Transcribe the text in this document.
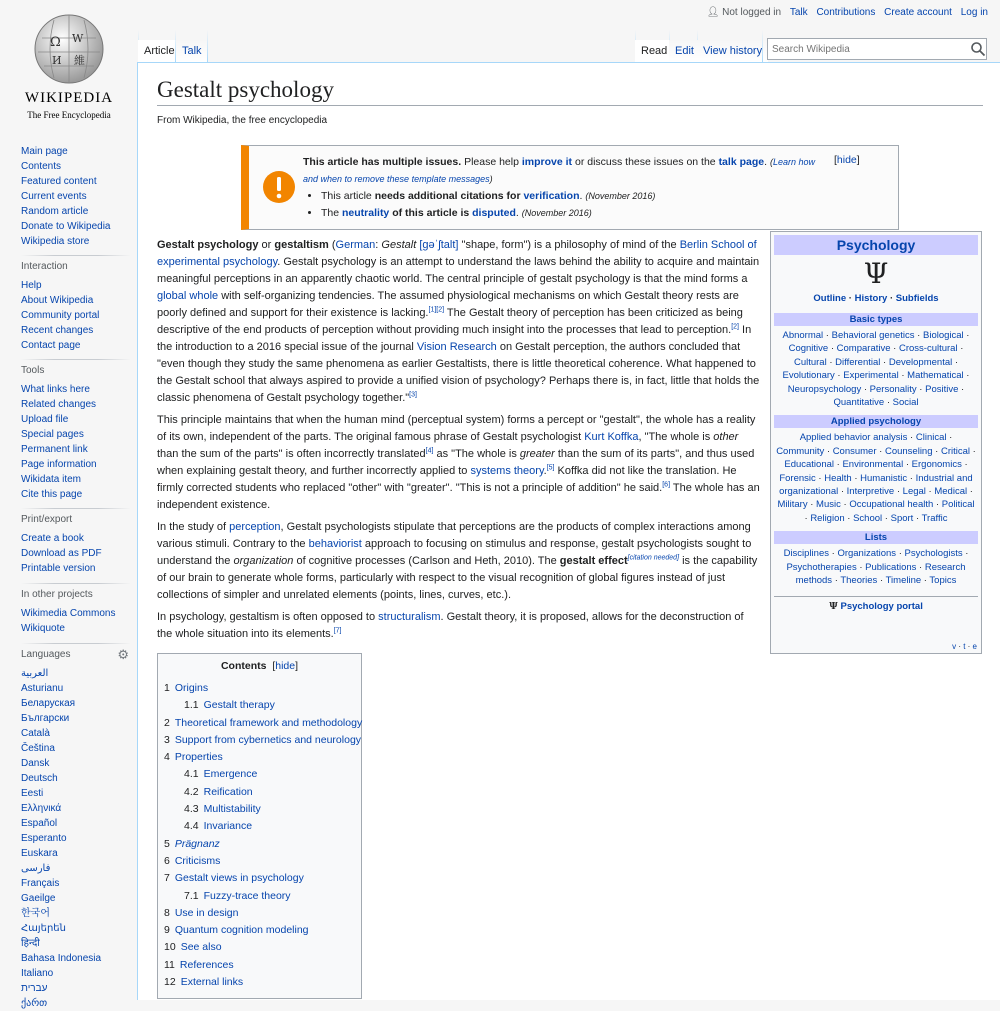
Ω W
И 維
WIKIPEDIA
The Free Encyclopedia
Main page
Contents
Featured content
Current events
Random article
Donate to Wikipedia
Wikipedia store
Interaction
Help
About Wikipedia
Community portal
Recent changes
Contact page
Tools
What links here
Related changes
Upload file
Special pages
Permanent link
Page information
Wikidata item
Cite this page
Print/export
Create a book
Download as PDF
Printable version
In other projects
Wikimedia Commons
Wikiquote
Languages	⚙
العربية
Asturianu
Беларуская
Български
Català
Čeština
Dansk
Deutsch
Eesti
Ελληνικά
Español
Esperanto
Euskara
فارسی
Français
Gaeilge
한국어
Հայերեն
हिन्दी
Bahasa Indonesia
Italiano
עברית
ქართ
👤︎ Not logged in Talk Contributions Create account Log in
Article Talk	Read Edit View history
Search Wikipedia
Gestalt psychology
From Wikipedia, the free encyclopedia
This article has multiple issues. Please help improve it or discuss these issues on the talk page. (Learn how and when to remove these template messages)
• This article needs additional citations for verification. (November 2016)
• The neutrality of this article is disputed. (November 2016)
[hide]

Gestalt psychology or gestaltism (German: Gestalt [ɡəˈʃtalt] "shape, form") is a philosophy of mind of the Berlin School of experimental psychology. Gestalt psychology is an attempt to understand the laws behind the ability to acquire and maintain meaningful perceptions in an apparently chaotic world. The central principle of gestalt psychology is that the mind forms a global whole with self-organizing tendencies. The assumed physiological mechanisms on which Gestalt theory rests are poorly defined and support for their existence is lacking.[1][2] The Gestalt theory of perception has been criticized as being descriptive of the end products of perception without providing much insight into the processes that lead to perception.[2] In the introduction to a 2016 special issue of the journal Vision Research on Gestalt perception, the authors concluded that "even though they study the same phenomena as earlier Gestaltists, there is little theoretical coherence. What happened to the Gestalt school that always aspired to provide a unified vision of psychology? Perhaps there is, in fact, little that holds the classic phenomena of Gestalt psychology together."[3]

This principle maintains that when the human mind (perceptual system) forms a percept or "gestalt", the whole has a reality of its own, independent of the parts. The original famous phrase of Gestalt psychologist Kurt Koffka, "The whole is other than the sum of the parts" is often incorrectly translated[4] as "The whole is greater than the sum of its parts", and thus used when explaining gestalt theory, and further incorrectly applied to systems theory.[5] Koffka did not like the translation. He firmly corrected students who replaced "other" with "greater". "This is not a principle of addition" he said.[6] The whole has an independent existence.

In the study of perception, Gestalt psychologists stipulate that perceptions are the products of complex interactions among various stimuli. Contrary to the behaviorist approach to focusing on stimulus and response, gestalt psychologists sought to understand the organization of cognitive processes (Carlson and Heth, 2010). The gestalt effect[citation needed] is the capability of our brain to generate whole forms, particularly with respect to the visual recognition of global figures instead of just collections of simpler and unrelated elements (points, lines, curves, etc.).

In psychology, gestaltism is often opposed to structuralism. Gestalt theory, it is proposed, allows for the deconstruction of the whole situation into its elements.[7]

Contents [hide]
1 Origins
1.1 Gestalt therapy
2 Theoretical framework and methodology
3 Support from cybernetics and neurology
4 Properties
4.1 Emergence
4.2 Reification
4.3 Multistability
4.4 Invariance
5 Prägnanz
6 Criticisms
7 Gestalt views in psychology
7.1 Fuzzy-trace theory
8 Use in design
9 Quantum cognition modeling
10 See also
11 References
12 External links
Psychology
Ψ
Outline · History · Subfields
Basic types
Abnormal · Behavioral genetics · Biological · Cognitive · Comparative · Cross-cultural · Cultural · Differential · Developmental · Evolutionary · Experimental · Mathematical · Neuropsychology · Personality · Positive · Quantitative · Social
Applied psychology
Applied behavior analysis · Clinical · Community · Consumer · Counseling · Critical · Educational · Environmental · Ergonomics · Forensic · Health · Humanistic · Industrial and organizational · Interpretive · Legal · Medical · Military · Music · Occupational health · Political · Religion · School · Sport · Traffic
Lists
Disciplines · Organizations · Psychologists · Psychotherapies · Publications · Research methods · Theories · Timeline · Topics
Ψ Psychology portal
v · t · e
